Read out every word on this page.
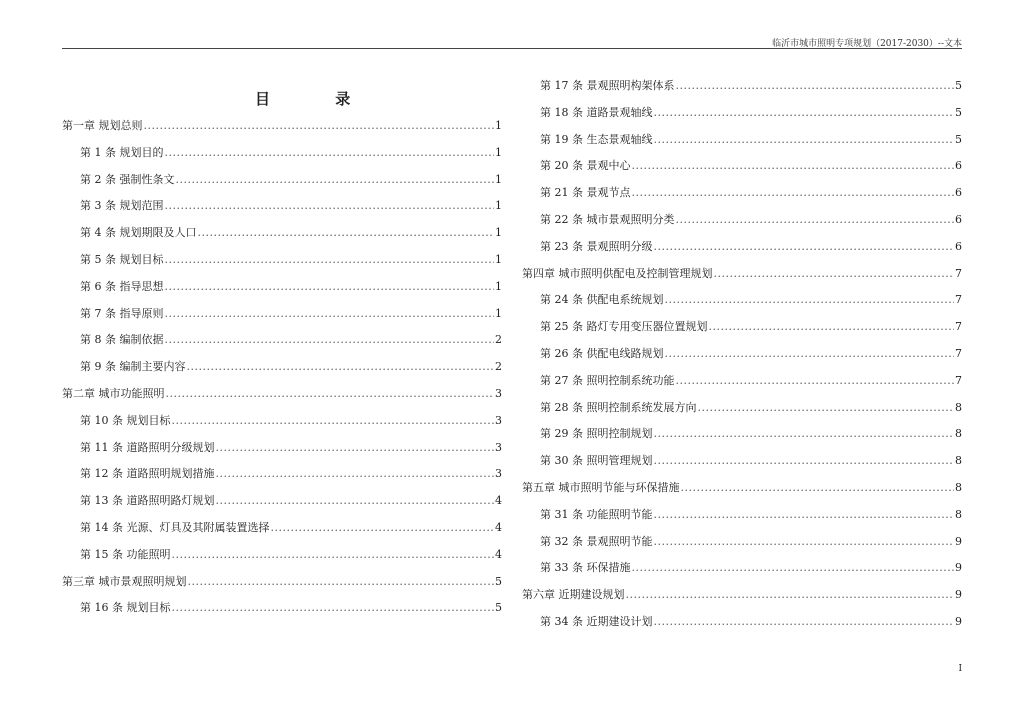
临沂市城市照明专项规划（2017-2030）--文本
目 录
第一章 规划总则 .....	1
第 1 条 规划目的 .....	1
第 2 条 强制性条文 .....	1
第 3 条 规划范围 .....	1
第 4 条 规划期限及人口 .....	1
第 5 条 规划目标 .....	1
第 6 条 指导思想 .....	1
第 7 条 指导原则 .....	1
第 8 条 编制依据 .....	2
第 9 条 编制主要内容 .....	2
第二章 城市功能照明 .....	3
第 10 条 规划目标 .....	3
第 11 条 道路照明分级规划 .....	3
第 12 条 道路照明规划措施 .....	3
第 13 条 道路照明路灯规划 .....	4
第 14 条 光源、灯具及其附属装置选择 .....	4
第 15 条 功能照明 .....	4
第三章 城市景观照明规划 .....	5
第 16 条 规划目标 .....	5
第 17 条 景观照明构架体系 .....	5
第 18 条 道路景观轴线 .....	5
第 19 条 生态景观轴线 .....	5
第 20 条 景观中心 .....	6
第 21 条 景观节点 .....	6
第 22 条 城市景观照明分类 .....	6
第 23 条 景观照明分级 .....	6
第四章 城市照明供配电及控制管理规划 .....	7
第 24 条 供配电系统规划 .....	7
第 25 条 路灯专用变压器位置规划 .....	7
第 26 条 供配电线路规划 .....	7
第 27 条 照明控制系统功能 .....	7
第 28 条 照明控制系统发展方向 .....	8
第 29 条 照明控制规划 .....	8
第 30 条 照明管理规划 .....	8
第五章 城市照明节能与环保措施 .....	8
第 31 条 功能照明节能 .....	8
第 32 条 景观照明节能 .....	9
第 33 条 环保措施 .....	9
第六章 近期建设规划 .....	9
第 34 条 近期建设计划 .....	9
I
